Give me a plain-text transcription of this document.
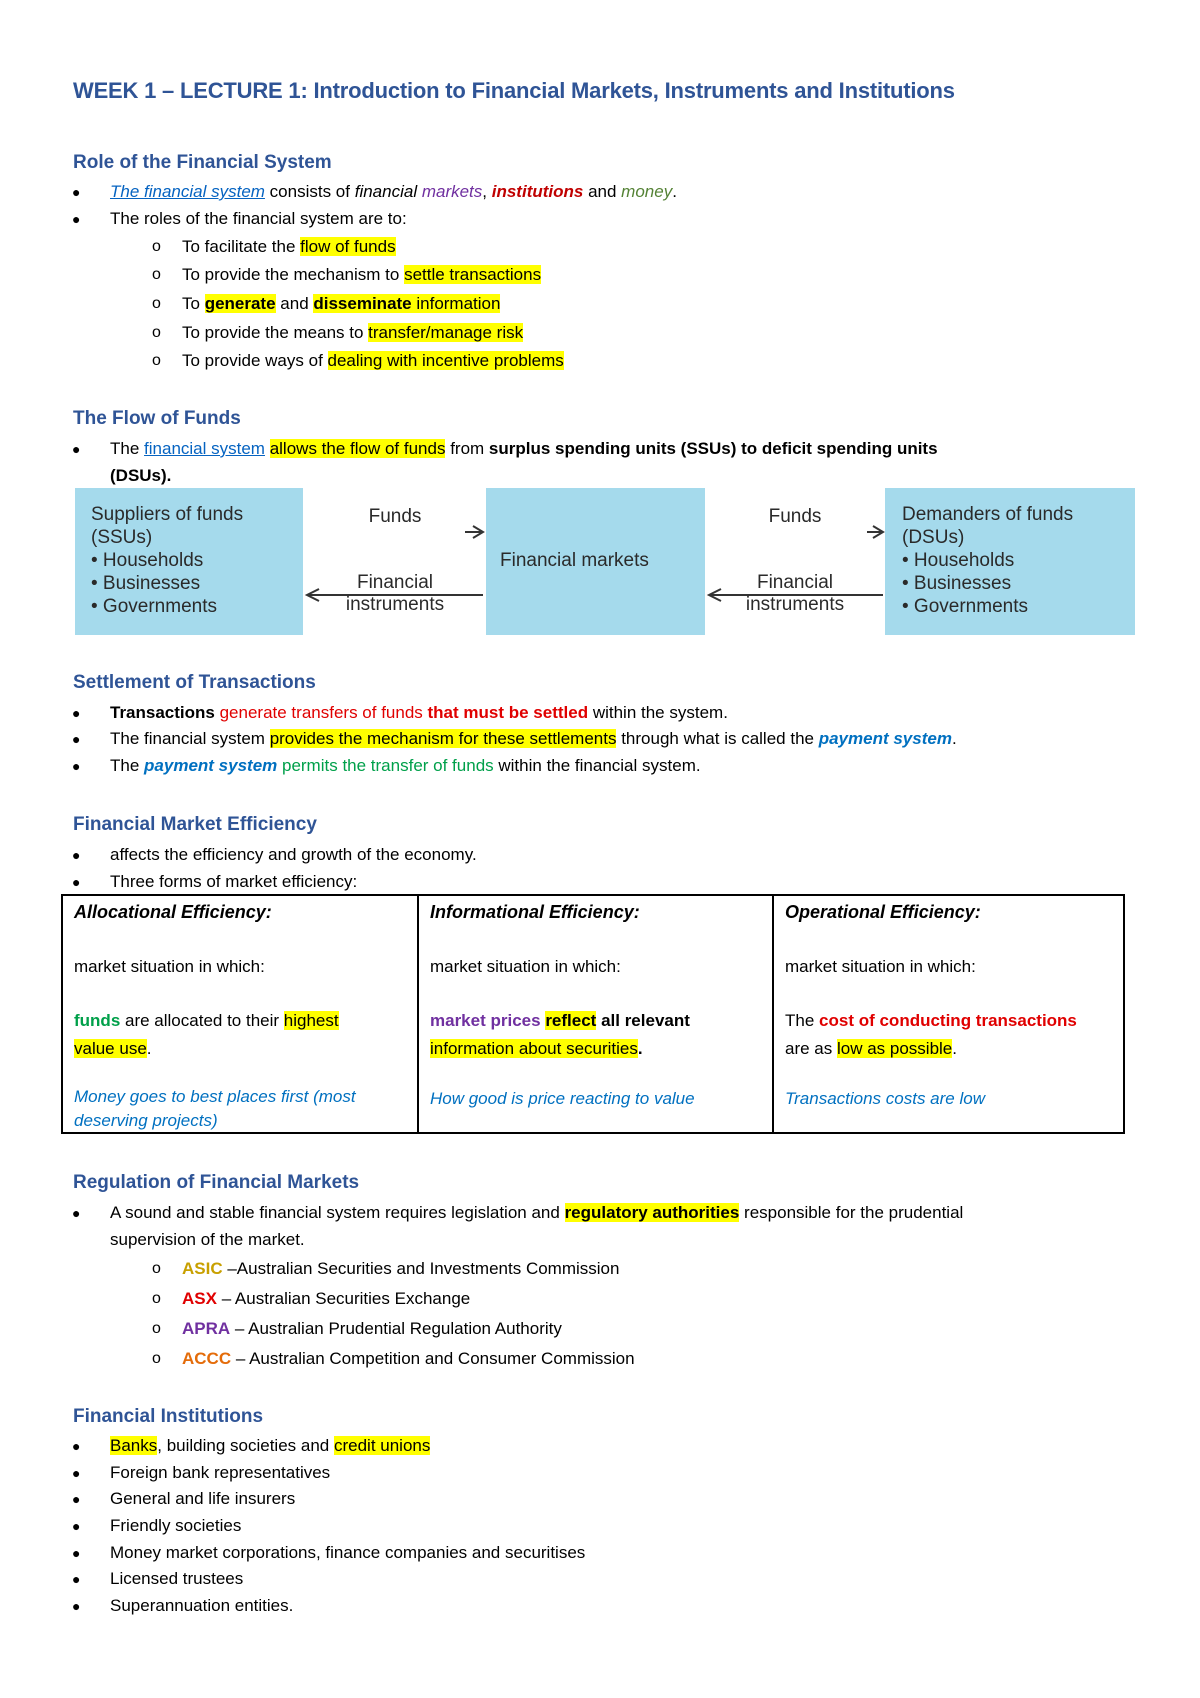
WEEK 1 – LECTURE 1: Introduction to Financial Markets, Instruments and Institutions
Role of the Financial System
● The financial system consists of financial markets, institutions and money.
● The roles of the financial system are to:
o To facilitate the flow of funds
o To provide the mechanism to settle transactions
o To generate and disseminate information
o To provide the means to transfer/manage risk
o To provide ways of dealing with incentive problems
The Flow of Funds
● The financial system allows the flow of funds from surplus spending units (SSUs) to deficit spending units
(DSUs).
Suppliers of funds
(SSUs)
• Households
• Businesses
• Governments
Financial markets
Demanders of funds
(DSUs)
• Households
• Businesses
• Governments
Funds
Financial
instruments
Funds
Financial
instruments
Settlement of Transactions
● Transactions generate transfers of funds that must be settled within the system.
● The financial system provides the mechanism for these settlements through what is called the payment system.
● The payment system permits the transfer of funds within the financial system.
Financial Market Efficiency
● affects the efficiency and growth of the economy.
● Three forms of market efficiency:
Allocational Efficiency:
market situation in which:
funds are allocated to their highest
value use.
Money goes to best places first (most
deserving projects)
Informational Efficiency:
market situation in which:
market prices reflect all relevant
information about securities.
How good is price reacting to value
Operational Efficiency:
market situation in which:
The cost of conducting transactions
are as low as possible.
Transactions costs are low
Regulation of Financial Markets
● A sound and stable financial system requires legislation and regulatory authorities responsible for the prudential
supervision of the market.
o ASIC –Australian Securities and Investments Commission
o ASX – Australian Securities Exchange
o APRA – Australian Prudential Regulation Authority
o ACCC – Australian Competition and Consumer Commission
Financial Institutions
● Banks, building societies and credit unions
● Foreign bank representatives
● General and life insurers
● Friendly societies
● Money market corporations, finance companies and securitises
● Licensed trustees
● Superannuation entities.
